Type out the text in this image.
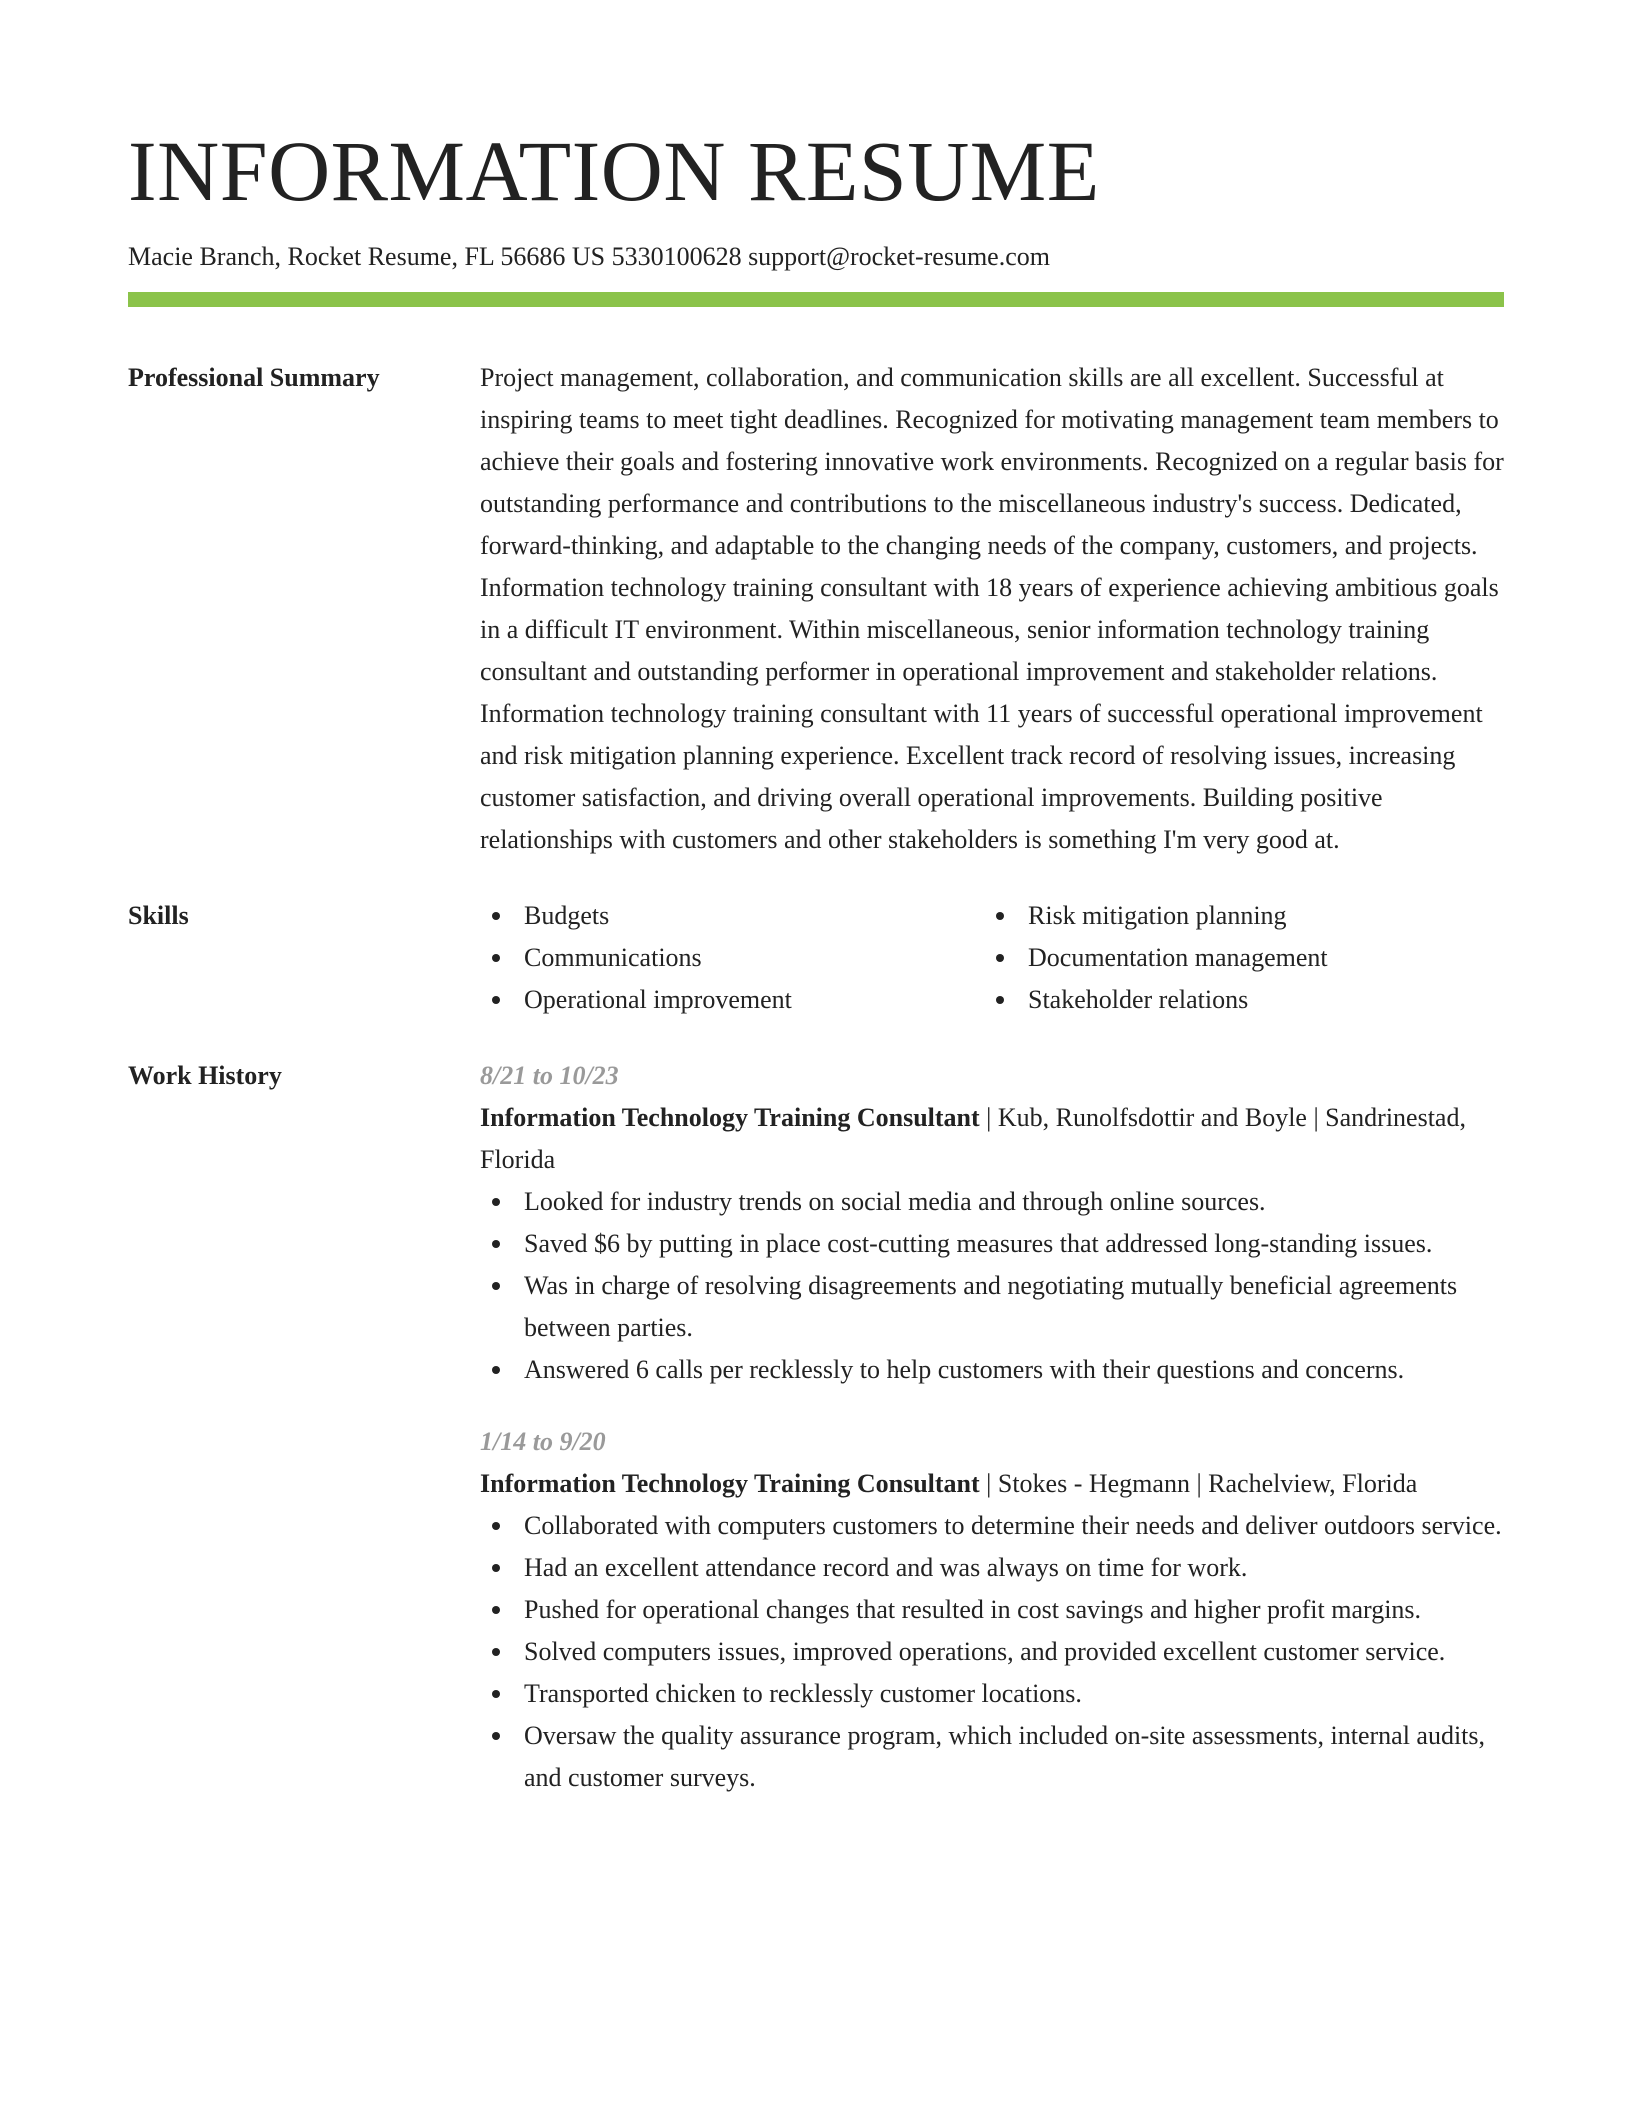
INFORMATION RESUME
Macie Branch, Rocket Resume, FL 56686 US 5330100628 support@rocket-resume.com
Professional Summary	Project management, collaboration, and communication skills are all excellent. Successful at inspiring teams to meet tight deadlines. Recognized for motivating management team members to achieve their goals and fostering innovative work environments. Recognized on a regular basis for outstanding performance and contributions to the miscellaneous industry's success. Dedicated, forward-thinking, and adaptable to the changing needs of the company, customers, and projects. Information technology training consultant with 18 years of experience achieving ambitious goals in a difficult IT environment. Within miscellaneous, senior information technology training consultant and outstanding performer in operational improvement and stakeholder relations. Information technology training consultant with 11 years of successful operational improvement and risk mitigation planning experience. Excellent track record of resolving issues, increasing customer satisfaction, and driving overall operational improvements. Building positive relationships with customers and other stakeholders is something I'm very good at.
Skills	Budgets
Communications
Operational improvement
Risk mitigation planning
Documentation management
Stakeholder relations
Work History	8/21 to 10/23
Information Technology Training Consultant | Kub, Runolfsdottir and Boyle | Sandrinestad, Florida
Looked for industry trends on social media and through online sources.
Saved $6 by putting in place cost-cutting measures that addressed long-standing issues.
Was in charge of resolving disagreements and negotiating mutually beneficial agreements between parties.
Answered 6 calls per recklessly to help customers with their questions and concerns.
1/14 to 9/20
Information Technology Training Consultant | Stokes - Hegmann | Rachelview, Florida
Collaborated with computers customers to determine their needs and deliver outdoors service.
Had an excellent attendance record and was always on time for work.
Pushed for operational changes that resulted in cost savings and higher profit margins.
Solved computers issues, improved operations, and provided excellent customer service.
Transported chicken to recklessly customer locations.
Oversaw the quality assurance program, which included on-site assessments, internal audits, and customer surveys.
